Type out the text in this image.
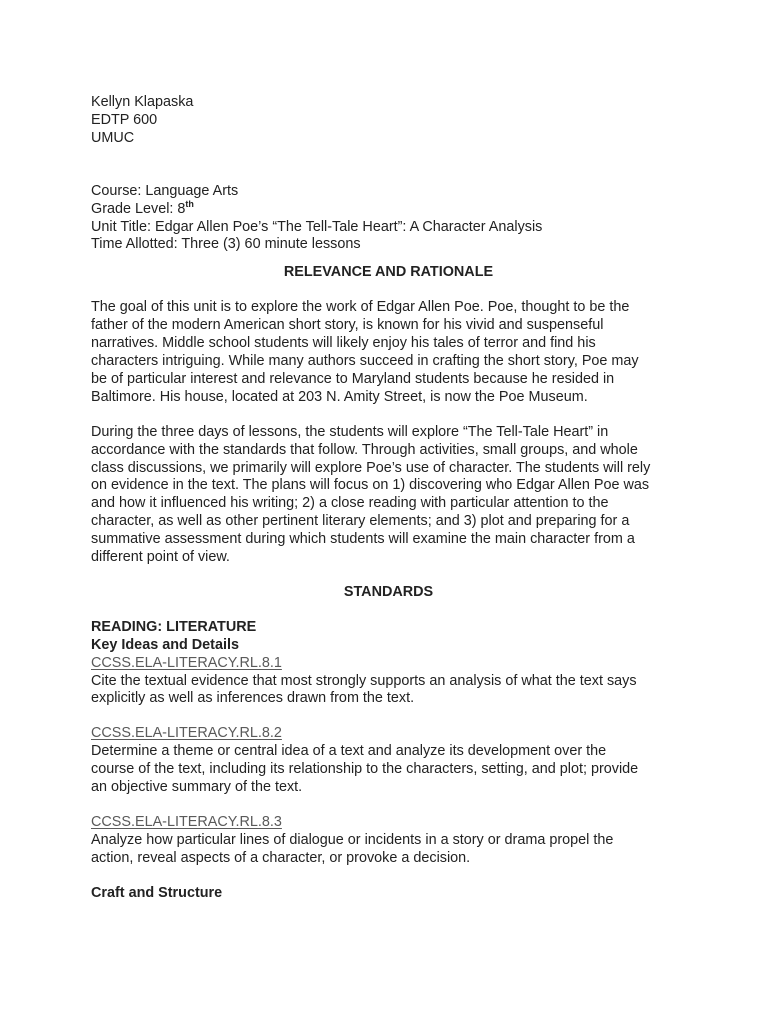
Kellyn Klapaska
EDTP 600
UMUC
Course: Language Arts
Grade Level: 8th
Unit Title: Edgar Allen Poe’s “The Tell-Tale Heart”: A Character Analysis
Time Allotted: Three (3) 60 minute lessons
RELEVANCE AND RATIONALE
The goal of this unit is to explore the work of Edgar Allen Poe. Poe, thought to be the
father of the modern American short story, is known for his vivid and suspenseful
narratives. Middle school students will likely enjoy his tales of terror and find his
characters intriguing. While many authors succeed in crafting the short story, Poe may
be of particular interest and relevance to Maryland students because he resided in
Baltimore. His house, located at 203 N. Amity Street, is now the Poe Museum.
During the three days of lessons, the students will explore “The Tell-Tale Heart” in
accordance with the standards that follow. Through activities, small groups, and whole
class discussions, we primarily will explore Poe’s use of character. The students will rely
on evidence in the text. The plans will focus on 1) discovering who Edgar Allen Poe was
and how it influenced his writing; 2) a close reading with particular attention to the
character, as well as other pertinent literary elements; and 3) plot and preparing for a
summative assessment during which students will examine the main character from a
different point of view.
STANDARDS
READING: LITERATURE
Key Ideas and Details
CCSS.ELA-LITERACY.RL.8.1
Cite the textual evidence that most strongly supports an analysis of what the text says
explicitly as well as inferences drawn from the text.
CCSS.ELA-LITERACY.RL.8.2
Determine a theme or central idea of a text and analyze its development over the
course of the text, including its relationship to the characters, setting, and plot; provide
an objective summary of the text.
CCSS.ELA-LITERACY.RL.8.3
Analyze how particular lines of dialogue or incidents in a story or drama propel the
action, reveal aspects of a character, or provoke a decision.
Craft and Structure
